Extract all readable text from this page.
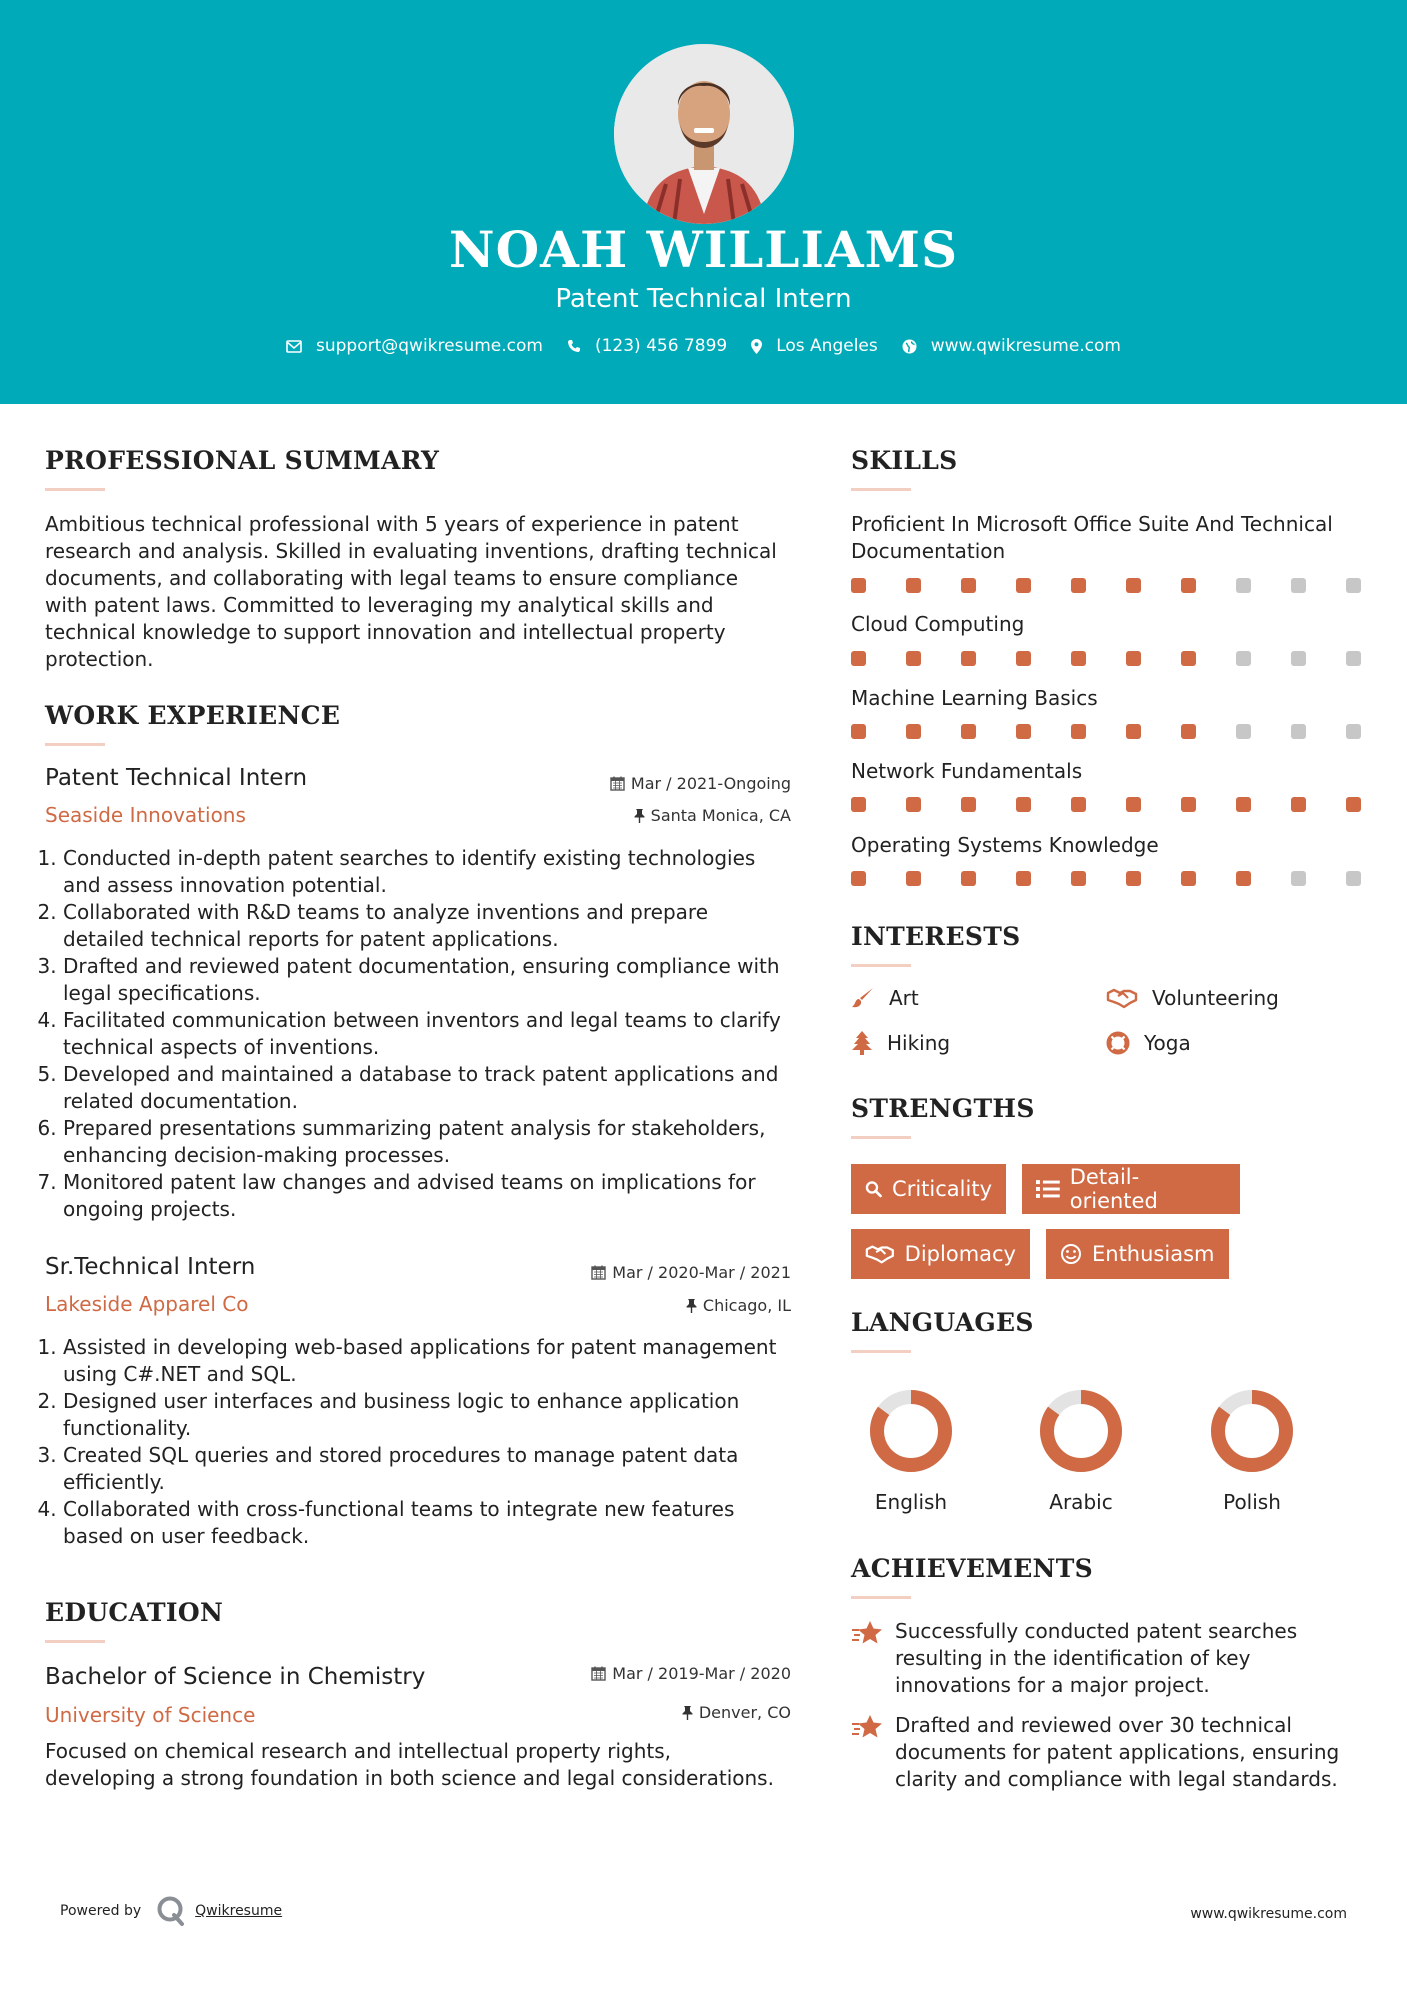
NOAH WILLIAMS
Patent Technical Intern
support@qwikresume.com	(123) 456 7899	Los Angeles	www.qwikresume.com
PROFESSIONAL SUMMARY
Ambitious technical professional with 5 years of experience in patent research and analysis. Skilled in evaluating inventions, drafting technical documents, and collaborating with legal teams to ensure compliance with patent laws. Committed to leveraging my analytical skills and technical knowledge to support innovation and intellectual property protection.
WORK EXPERIENCE
Patent Technical Intern	Mar / 2021-Ongoing
Seaside Innovations	Santa Monica, CA
1. Conducted in-depth patent searches to identify existing technologies and assess innovation potential.
2. Collaborated with R&D teams to analyze inventions and prepare detailed technical reports for patent applications.
3. Drafted and reviewed patent documentation, ensuring compliance with legal specifications.
4. Facilitated communication between inventors and legal teams to clarify technical aspects of inventions.
5. Developed and maintained a database to track patent applications and related documentation.
6. Prepared presentations summarizing patent analysis for stakeholders, enhancing decision-making processes.
7. Monitored patent law changes and advised teams on implications for ongoing projects.
Sr.Technical Intern	Mar / 2020-Mar / 2021
Lakeside Apparel Co	Chicago, IL
1. Assisted in developing web-based applications for patent management using C#.NET and SQL.
2. Designed user interfaces and business logic to enhance application functionality.
3. Created SQL queries and stored procedures to manage patent data efficiently.
4. Collaborated with cross-functional teams to integrate new features based on user feedback.
EDUCATION
Bachelor of Science in Chemistry	Mar / 2019-Mar / 2020
University of Science	Denver, CO
Focused on chemical research and intellectual property rights, developing a strong foundation in both science and legal considerations.
SKILLS
Proficient In Microsoft Office Suite And Technical Documentation
Cloud Computing
Machine Learning Basics
Network Fundamentals
Operating Systems Knowledge
INTERESTS
Art	Volunteering
Hiking	Yoga
STRENGTHS
Criticality	Detail-oriented
Diplomacy	Enthusiasm
LANGUAGES
English	Arabic	Polish
ACHIEVEMENTS
Successfully conducted patent searches resulting in the identification of key innovations for a major project.
Drafted and reviewed over 30 technical documents for patent applications, ensuring clarity and compliance with legal standards.
Powered by	Qwikresume	www.qwikresume.com
